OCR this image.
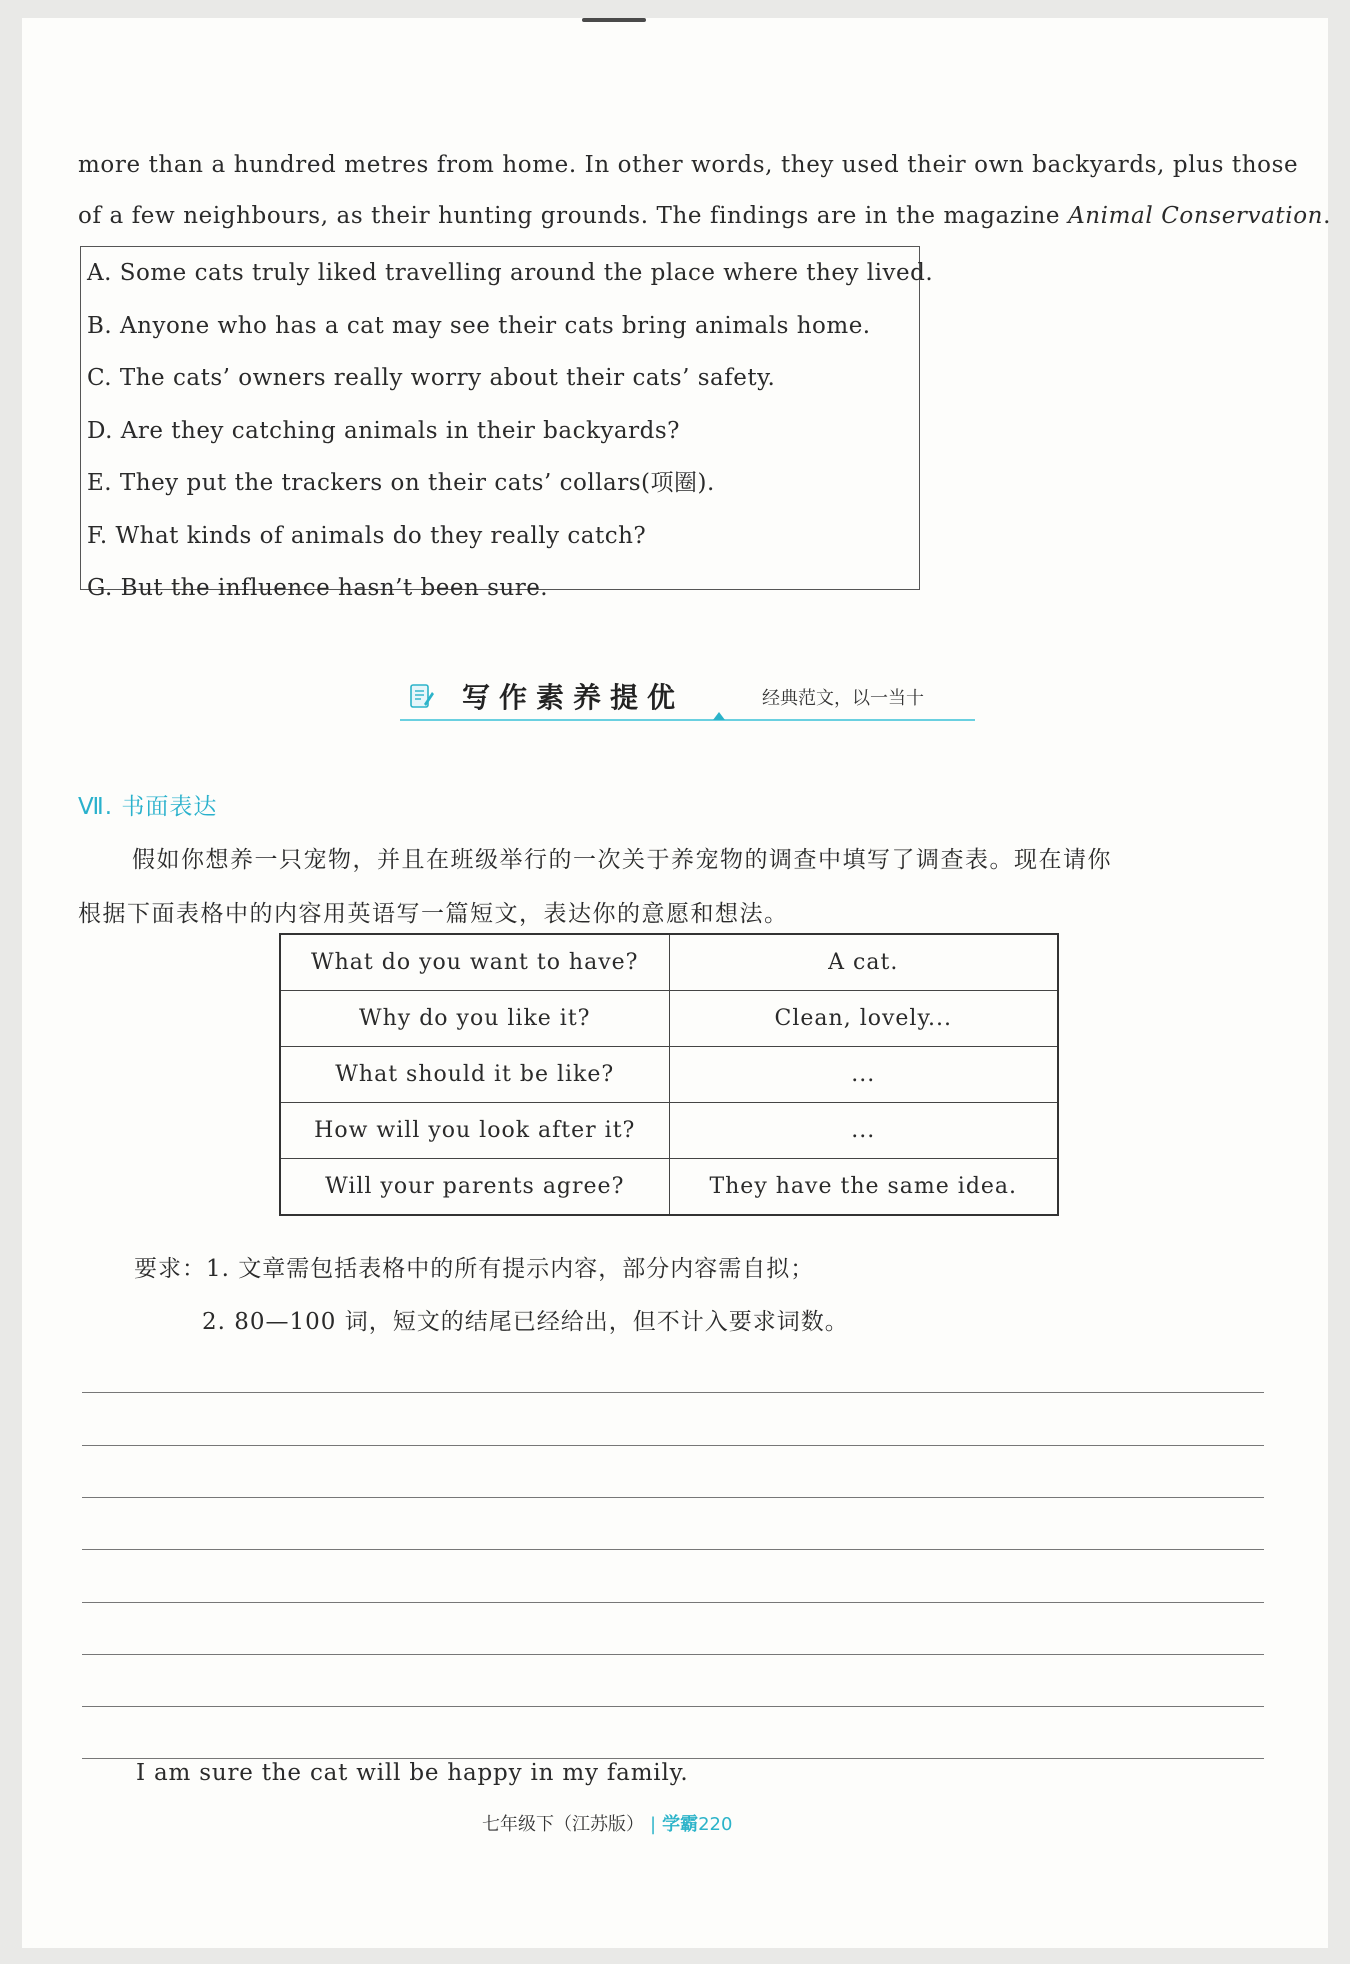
more than a hundred metres from home. In other words, they used their own backyards, plus those
of a few neighbours, as their hunting grounds. The findings are in the magazine Animal Conservation.
A. Some cats truly liked travelling around the place where they lived.
B. Anyone who has a cat may see their cats bring animals home.
C. The cats’ owners really worry about their cats’ safety.
D. Are they catching animals in their backyards?
E. They put the trackers on their cats’ collars(项圈).
F. What kinds of animals do they really catch?
G. But the influence hasn’t been sure.
写作素养提优	经典范文，以一当十
Ⅶ. 书面表达
假如你想养一只宠物，并且在班级举行的一次关于养宠物的调查中填写了调查表。现在请你
根据下面表格中的内容用英语写一篇短文，表达你的意愿和想法。
What do you want to have?	A cat.
Why do you like it?	Clean, lovely...
What should it be like?	...
How will you look after it?	...
Will your parents agree?	They have the same idea.
要求：1. 文章需包括表格中的所有提示内容，部分内容需自拟；
2. 80—100 词，短文的结尾已经给出，但不计入要求词数。
I am sure the cat will be happy in my family.
七年级下（江苏版） | 学霸220
